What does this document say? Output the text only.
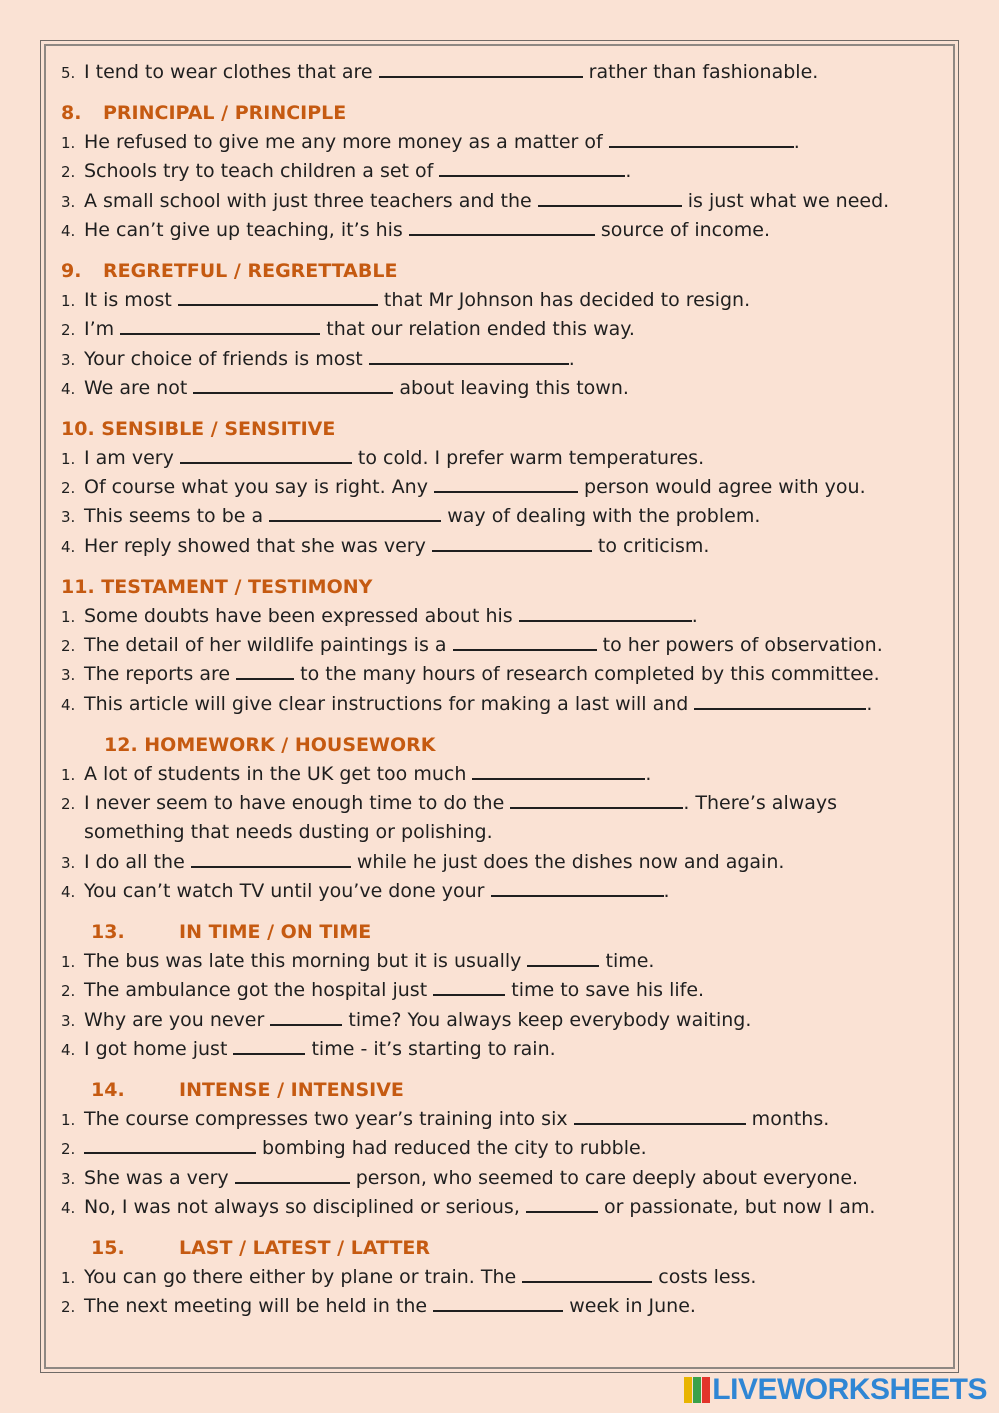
5. I tend to wear clothes that are	rather than fashionable.
8. PRINCIPAL / PRINCIPLE
1. He refused to give me any more money as a matter of	.
2. Schools try to teach children a set of	.
3. A small school with just three teachers and the	is just what we need.
4. He can’t give up teaching, it’s his	source of income.
9. REGRETFUL / REGRETTABLE
1. It is most	that Mr Johnson has decided to resign.
2. I’m	that our relation ended this way.
3. Your choice of friends is most	.
4. We are not	about leaving this town.
10. SENSIBLE / SENSITIVE
1. I am very	to cold. I prefer warm temperatures.
2. Of course what you say is right. Any	person would agree with you.
3. This seems to be a	way of dealing with the problem.
4. Her reply showed that she was very	to criticism.
11. TESTAMENT / TESTIMONY
1. Some doubts have been expressed about his	.
2. The detail of her wildlife paintings is a	to her powers of observation.
3. The reports are	to the many hours of research completed by this committee.
4. This article will give clear instructions for making a last will and	.
12. HOMEWORK / HOUSEWORK
1. A lot of students in the UK get too much	.
2. I never seem to have enough time to do the	. There’s always
something that needs dusting or polishing.
3. I do all the	while he just does the dishes now and again.
4. You can’t watch TV until you’ve done your	.
13.	IN TIME / ON TIME
1. The bus was late this morning but it is usually	time.
2. The ambulance got the hospital just	time to save his life.
3. Why are you never	time? You always keep everybody waiting.
4. I got home just	time - it’s starting to rain.
14.	INTENSE / INTENSIVE
1. The course compresses two year’s training into six	months.
2.	bombing had reduced the city to rubble.
3. She was a very	person, who seemed to care deeply about everyone.
4. No, I was not always so disciplined or serious,	or passionate, but now I am.
15.	LAST / LATEST / LATTER
1. You can go there either by plane or train. The	costs less.
2. The next meeting will be held in the	week in June.
LIVEWORKSHEETS
